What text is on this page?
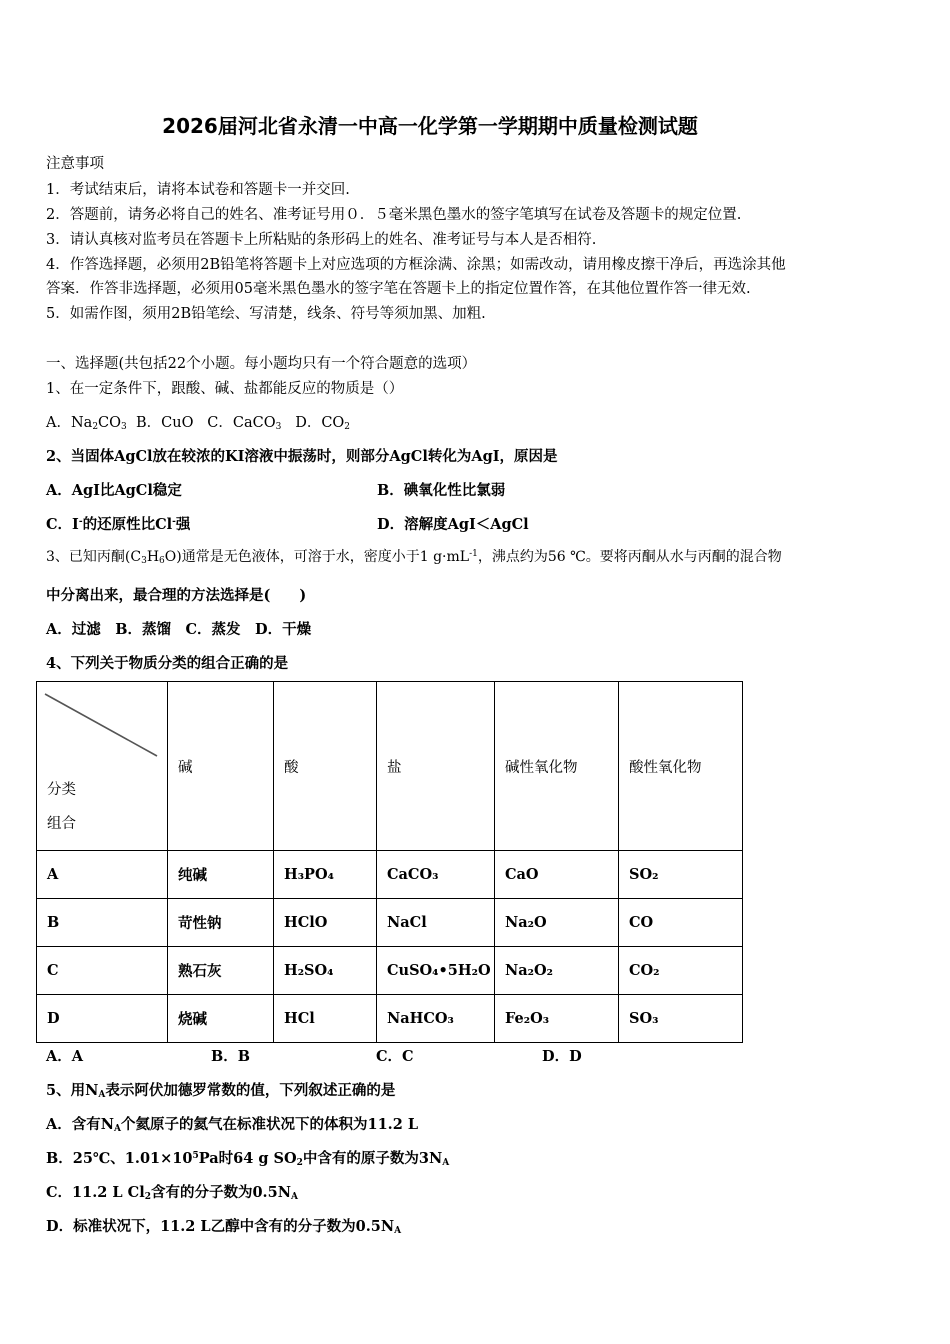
2026届河北省永清一中高一化学第一学期期中质量检测试题
注意事项
1．考试结束后，请将本试卷和答题卡一并交回.
2．答题前，请务必将自己的姓名、准考证号用０．５毫米黑色墨水的签字笔填写在试卷及答题卡的规定位置.
3．请认真核对监考员在答题卡上所粘贴的条形码上的姓名、准考证号与本人是否相符.
4．作答选择题，必须用2B铅笔将答题卡上对应选项的方框涂满、涂黑；如需改动，请用橡皮擦干净后，再选涂其他
答案．作答非选择题，必须用05毫米黑色墨水的签字笔在答题卡上的指定位置作答，在其他位置作答一律无效.
5．如需作图，须用2B铅笔绘、写清楚，线条、符号等须加黑、加粗.
一、选择题(共包括22个小题。每小题均只有一个符合题意的选项）
1、在一定条件下，跟酸、碱、盐都能反应的物质是（）
A．$Na_2CO_3$ B．CuO C．CaCO$_3$ D．$CO_2$
2、当固体AgCl放在较浓的KI溶液中振荡时，则部分AgCl转化为AgI，原因是
A．AgI比AgCl稳定	B．碘氧化性比氯弱
C．I-的还原性比Cl-强	D．溶解度AgI＜AgCl
3、已知丙酮$(C_3H_6O)$通常是无色液体，可溶于水，密度小于1 $g\cdot mL^{-1}$，沸点约为56 ℃。要将丙酮从水与丙酮的混合物
中分离出来，最合理的方法选择是(　　)
A．过滤　B．蒸馏　C．蒸发　D．干燥
4、下列关于物质分类的组合正确的是
分类
组合	碱	酸	盐	碱性氧化物	酸性氧化物
A	纯碱	H₃PO₄	CaCO₃	CaO	SO₂
B	苛性钠	HClO	NaCl	Na₂O	CO
C	熟石灰	H₂SO₄	CuSO₄•5H₂O	Na₂O₂	CO₂
D	烧碱	HCl	NaHCO₃	Fe₂O₃	SO₃
A．A	B．B	C．C	D．D
5、用$N_A$表示阿伏加德罗常数的值，下列叙述正确的是
A．含有$N_A$个氦原子的氦气在标准状况下的体积为11.2 L
B．25℃、$1.01\times 10^5Pa$时64 g $SO_2$中含有的原子数为$3N_A$
C．11.2 L $Cl_2$含有的分子数为$0.5N_A$
D．标准状况下，11.2 L乙醇中含有的分子数为$0.5N_A$
